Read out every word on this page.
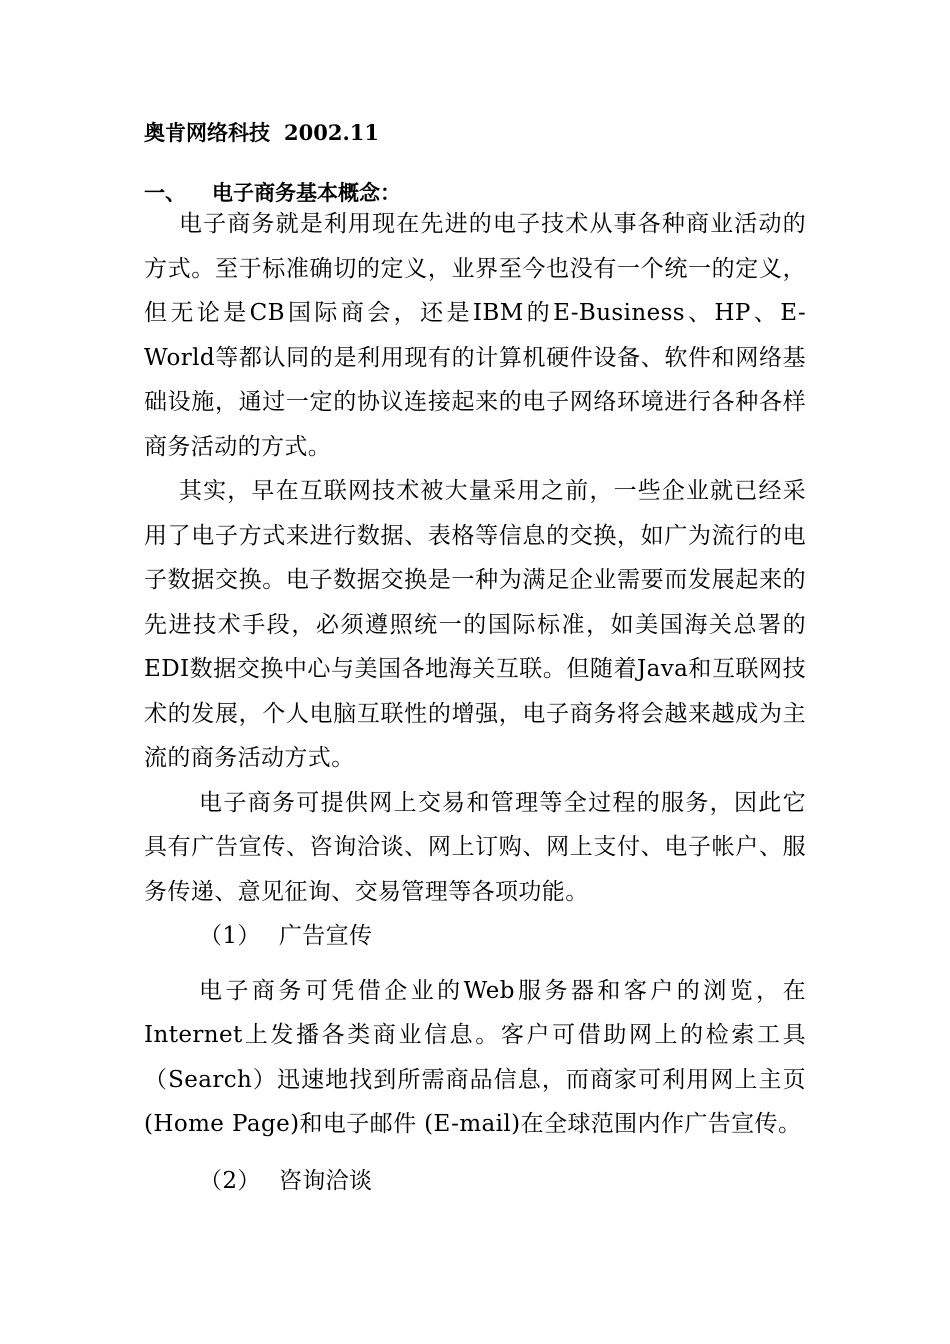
奥肯网络科技 2002.11
一、 电子商务基本概念：

电子商务就是利用现在先进的电子技术从事各种商业活动的方式。至于标准确切的定义，业界至今也没有一个统一的定义，但无论是CB国际商会，还是IBM的E-Business、HP、E-World等都认同的是利用现有的计算机硬件设备、软件和网络基础设施，通过一定的协议连接起来的电子网络环境进行各种各样商务活动的方式。

其实，早在互联网技术被大量采用之前，一些企业就已经采用了电子方式来进行数据、表格等信息的交换，如广为流行的电子数据交换。电子数据交换是一种为满足企业需要而发展起来的先进技术手段，必须遵照统一的国际标准，如美国海关总署的EDI数据交换中心与美国各地海关互联。但随着Java和互联网技术的发展，个人电脑互联性的增强，电子商务将会越来越成为主流的商务活动方式。

电子商务可提供网上交易和管理等全过程的服务，因此它具有广告宣传、咨询洽谈、网上订购、网上支付、电子帐户、服务传递、意见征询、交易管理等各项功能。

（1） 广告宣传

电子商务可凭借企业的Web服务器和客户的浏览，在Internet上发播各类商业信息。客户可借助网上的检索工具（Search）迅速地找到所需商品信息，而商家可利用网上主页(Home Page)和电子邮件 (E-mail)在全球范围内作广告宣传。

（2） 咨询洽谈
